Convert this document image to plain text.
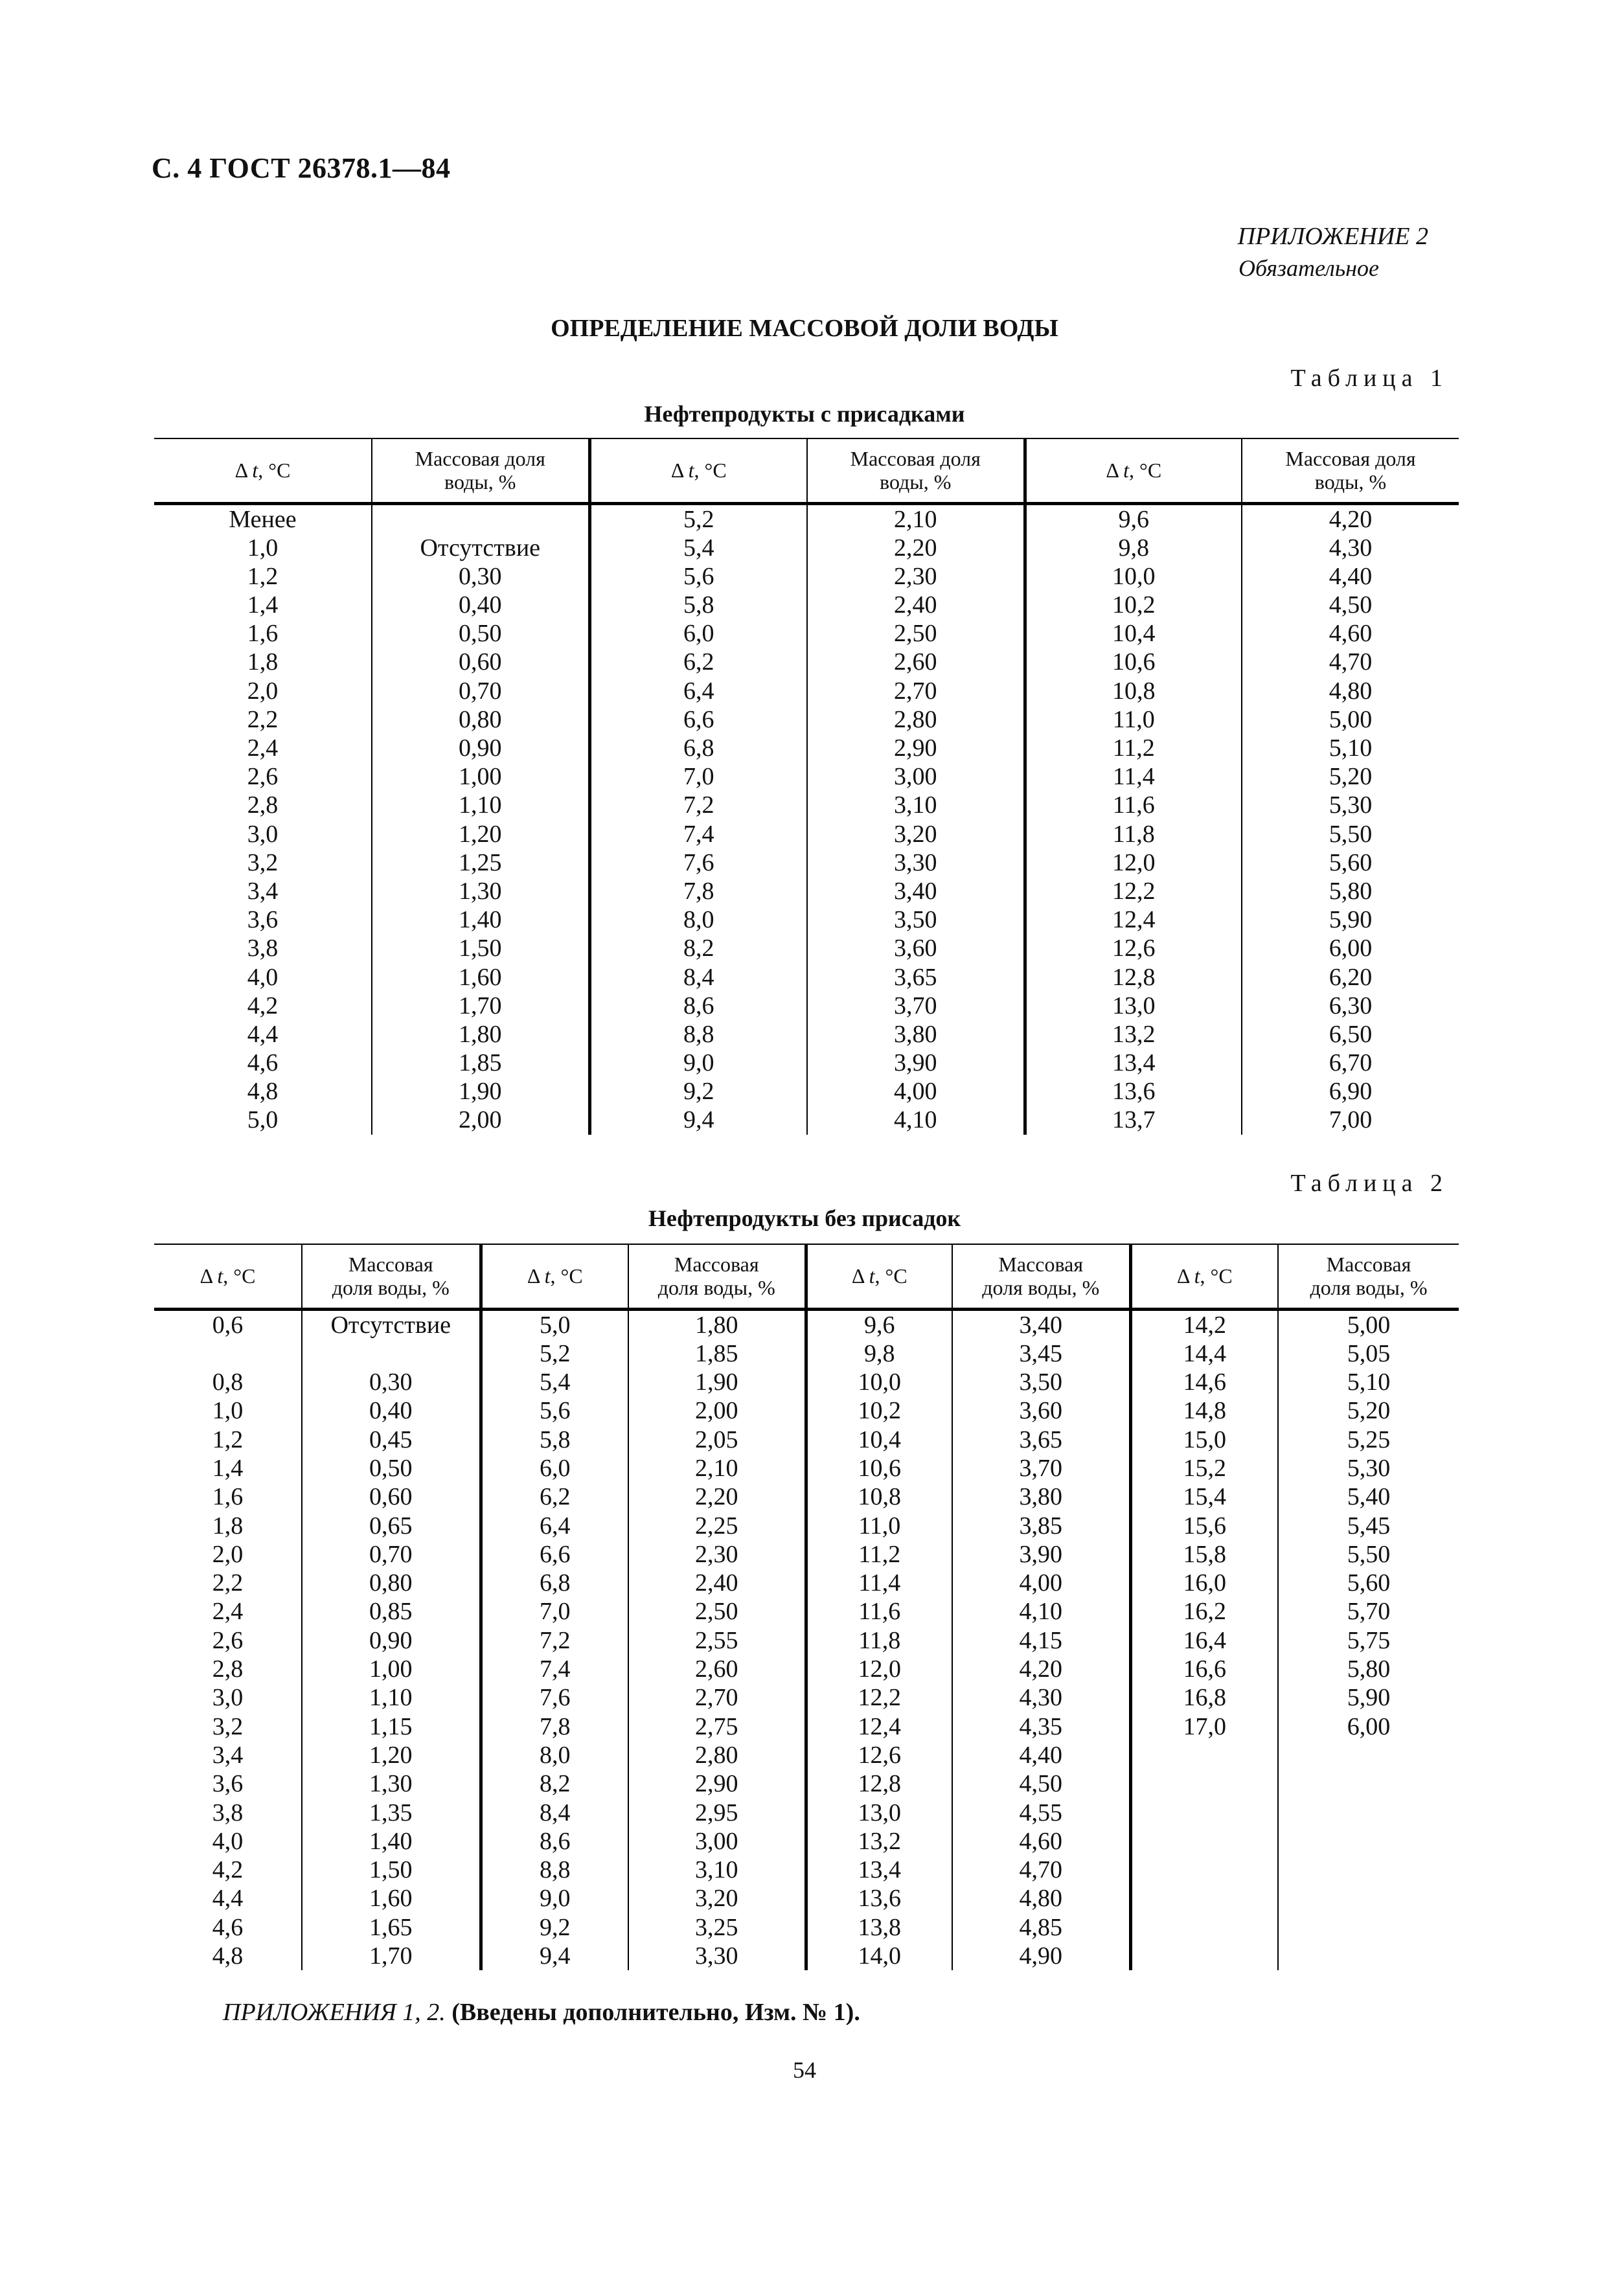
С. 4 ГОСТ 26378.1—84
ПРИЛОЖЕНИЕ 2
Обязательное
ОПРЕДЕЛЕНИЕ МАССОВОЙ ДОЛИ ВОДЫ
Таблица 1
Нефтепродукты с присадками
Δ t, °С	Массовая доля
воды, %	Δ t, °С	Массовая доля
воды, %	Δ t, °С	Массовая доля
воды, %
Менее		5,2	2,10	9,6	4,20
1,0	Отсутствие	5,4	2,20	9,8	4,30
1,2	0,30	5,6	2,30	10,0	4,40
1,4	0,40	5,8	2,40	10,2	4,50
1,6	0,50	6,0	2,50	10,4	4,60
1,8	0,60	6,2	2,60	10,6	4,70
2,0	0,70	6,4	2,70	10,8	4,80
2,2	0,80	6,6	2,80	11,0	5,00
2,4	0,90	6,8	2,90	11,2	5,10
2,6	1,00	7,0	3,00	11,4	5,20
2,8	1,10	7,2	3,10	11,6	5,30
3,0	1,20	7,4	3,20	11,8	5,50
3,2	1,25	7,6	3,30	12,0	5,60
3,4	1,30	7,8	3,40	12,2	5,80
3,6	1,40	8,0	3,50	12,4	5,90
3,8	1,50	8,2	3,60	12,6	6,00
4,0	1,60	8,4	3,65	12,8	6,20
4,2	1,70	8,6	3,70	13,0	6,30
4,4	1,80	8,8	3,80	13,2	6,50
4,6	1,85	9,0	3,90	13,4	6,70
4,8	1,90	9,2	4,00	13,6	6,90
5,0	2,00	9,4	4,10	13,7	7,00
Таблица 2
Нефтепродукты без присадок
Δ t, °С	Массовая
доля воды, %	Δ t, °С	Массовая
доля воды, %	Δ t, °С	Массовая
доля воды, %	Δ t, °С	Массовая
доля воды, %
0,6	Отсутствие	5,0	1,80	9,6	3,40	14,2	5,00
		5,2	1,85	9,8	3,45	14,4	5,05
0,8	0,30	5,4	1,90	10,0	3,50	14,6	5,10
1,0	0,40	5,6	2,00	10,2	3,60	14,8	5,20
1,2	0,45	5,8	2,05	10,4	3,65	15,0	5,25
1,4	0,50	6,0	2,10	10,6	3,70	15,2	5,30
1,6	0,60	6,2	2,20	10,8	3,80	15,4	5,40
1,8	0,65	6,4	2,25	11,0	3,85	15,6	5,45
2,0	0,70	6,6	2,30	11,2	3,90	15,8	5,50
2,2	0,80	6,8	2,40	11,4	4,00	16,0	5,60
2,4	0,85	7,0	2,50	11,6	4,10	16,2	5,70
2,6	0,90	7,2	2,55	11,8	4,15	16,4	5,75
2,8	1,00	7,4	2,60	12,0	4,20	16,6	5,80
3,0	1,10	7,6	2,70	12,2	4,30	16,8	5,90
3,2	1,15	7,8	2,75	12,4	4,35	17,0	6,00
3,4	1,20	8,0	2,80	12,6	4,40		
3,6	1,30	8,2	2,90	12,8	4,50		
3,8	1,35	8,4	2,95	13,0	4,55		
4,0	1,40	8,6	3,00	13,2	4,60		
4,2	1,50	8,8	3,10	13,4	4,70		
4,4	1,60	9,0	3,20	13,6	4,80		
4,6	1,65	9,2	3,25	13,8	4,85		
4,8	1,70	9,4	3,30	14,0	4,90		
ПРИЛОЖЕНИЯ 1, 2. (Введены дополнительно, Изм. № 1).
54
